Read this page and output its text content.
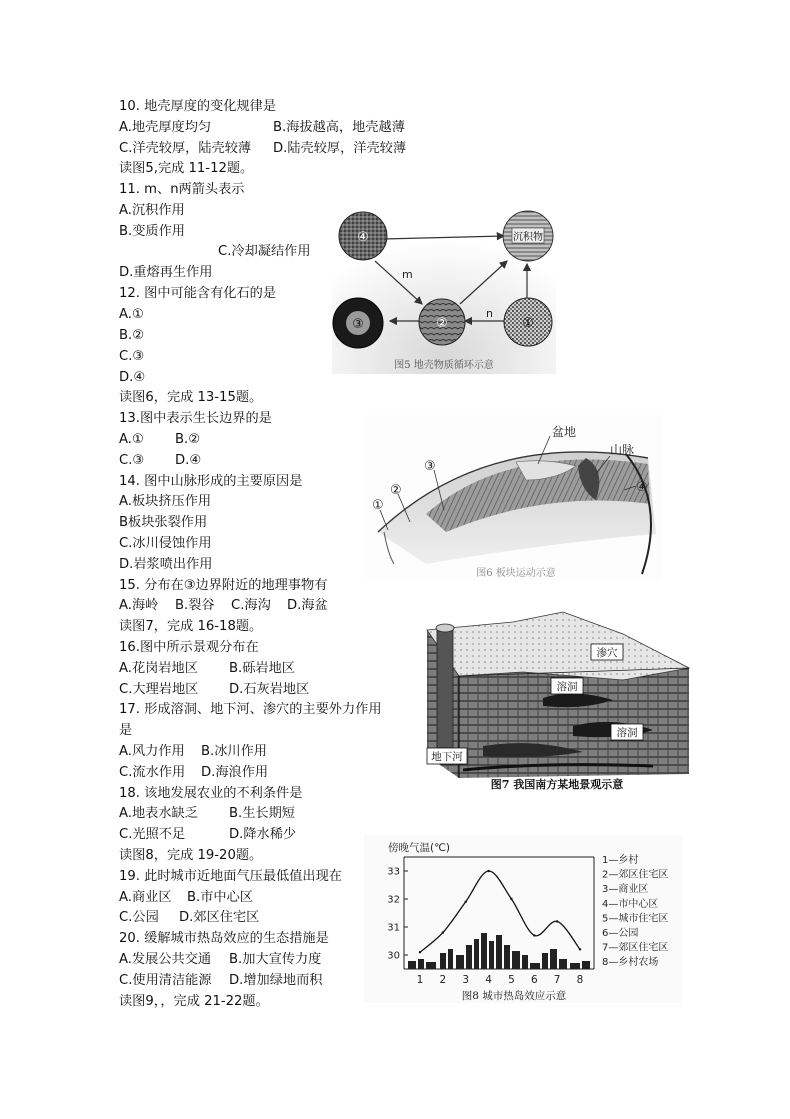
10. 地壳厚度的变化规律是
A.地壳厚度均匀	B.海拔越高，地壳越薄
C.洋壳较厚，陆壳较薄 D.陆壳较厚，洋壳较薄
读图5,完成 11-12题。
11. m、n两箭头表示
A.沉积作用
B.变质作用
C.冷却凝结作用
D.重熔再生作用
12. 图中可能含有化石的是
A.①
B.②
C.③
D.④
读图6，完成 13-15题。
13.图中表示生长边界的是
A.① B.②
C.③ D.④
14. 图中山脉形成的主要原因是
A.板块挤压作用
B板块张裂作用
C.冰川侵蚀作用
D.岩浆喷出作用
15. 分布在③边界附近的地理事物有
A.海岭 B.裂谷 C.海沟 D.海盆
读图7，完成 16-18题。
16.图中所示景观分布在
A.花岗岩地区 B.砾岩地区
C.大理岩地区 D.石灰岩地区
17. 形成溶洞、地下河、渗穴的主要外力作用
是
A.风力作用 B.冰川作用
C.流水作用 D.海浪作用
18. 该地发展农业的不利条件是
A.地表水缺乏 B.生长期短
C.光照不足	D.降水稀少
读图8，完成 19-20题。
19. 此时城市近地面气压最低值出现在
A.商业区 B.市中心区
C.公园 D.郊区住宅区
20. 缓解城市热岛效应的生态措施是
A.发展公共交通 B.加大宣传力度
C.使用清洁能源 D.增加绿地而积
读图9，，完成 21-22题。
④	沉积物
③	②	①
m
n
图5 地壳物质循环示意
盆地
山脉
④
③
②
①
图6 板块运动示意
渗穴
溶洞
溶洞
地下河
图7 我国南方某地景观示意
傍晚气温(℃)
30
31
32
33
1 2 3 4 5 6 7 8
1—乡村
2—郊区住宅区
3—商业区
4—市中心区
5—城市住宅区
6—公园
7—郊区住宅区
8—乡村农场
图8 城市热岛效应示意
